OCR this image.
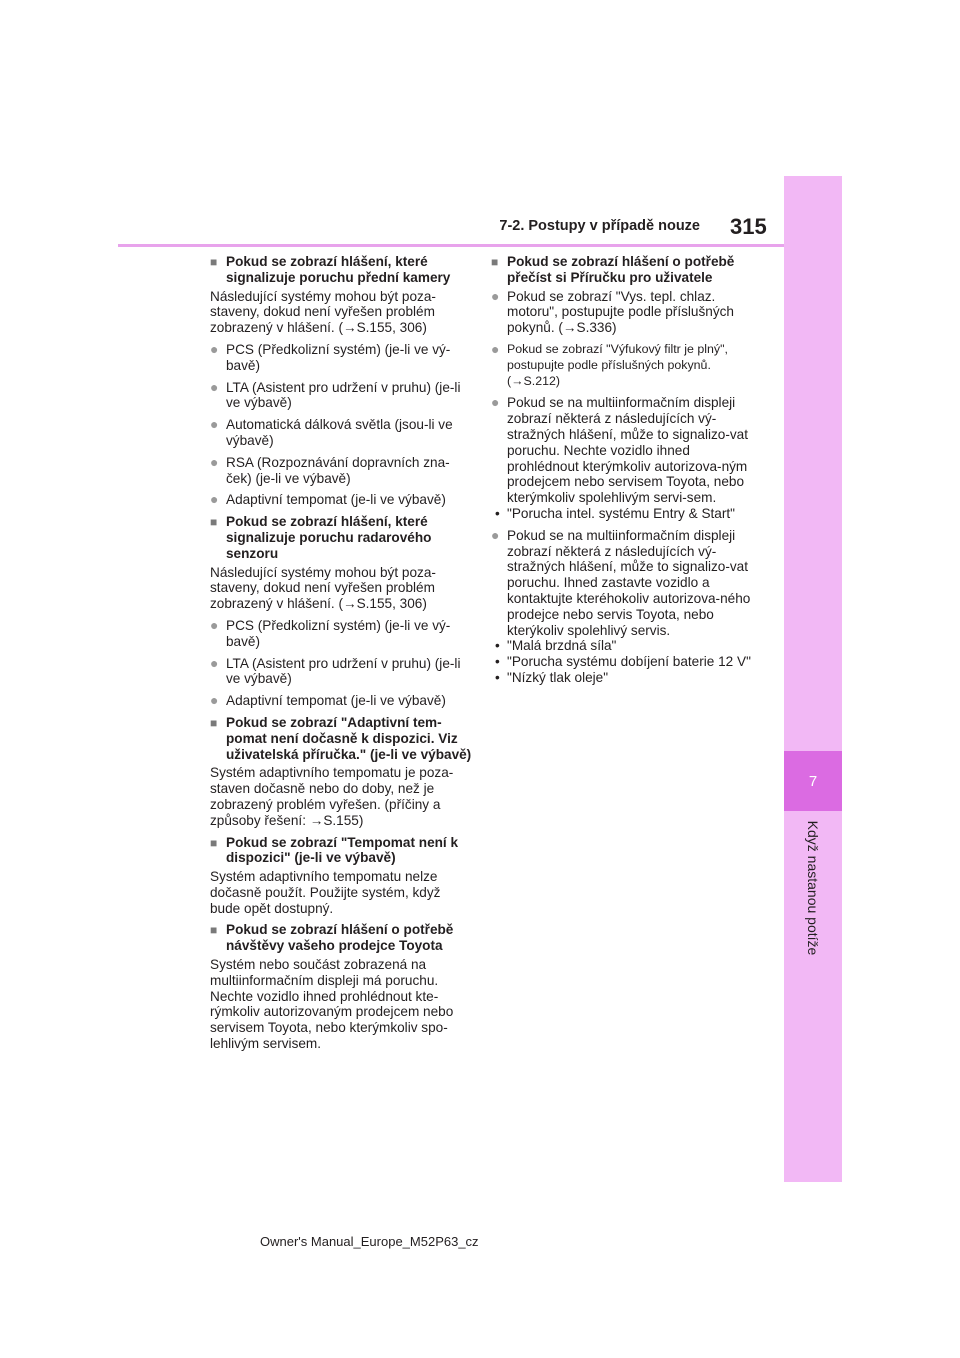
7
Když nastanou potíže
7-2. Postupy v případě nouze 315
■ Pokud se zobrazí hlášení, které signalizuje poruchu přední kamery
Následující systémy mohou být poza-staveny, dokud není vyřešen problém zobrazený v hlášení. (→S.155, 306)
● PCS (Předkolizní systém) (je-li ve vý-bavě)
● LTA (Asistent pro udržení v pruhu) (je-li ve výbavě)
● Automatická dálková světla (jsou-li ve výbavě)
● RSA (Rozpoznávání dopravních zna-ček) (je-li ve výbavě)
● Adaptivní tempomat (je-li ve výbavě)
■ Pokud se zobrazí hlášení, které signalizuje poruchu radarového senzoru
Následující systémy mohou být poza-staveny, dokud není vyřešen problém zobrazený v hlášení. (→S.155, 306)
● PCS (Předkolizní systém) (je-li ve vý-bavě)
● LTA (Asistent pro udržení v pruhu) (je-li ve výbavě)
● Adaptivní tempomat (je-li ve výbavě)
■ Pokud se zobrazí "Adaptivní tem-pomat není dočasně k dispozici. Viz uživatelská příručka." (je-li ve výbavě)
Systém adaptivního tempomatu je poza-staven dočasně nebo do doby, než je zobrazený problém vyřešen. (příčiny a způsoby řešení: →S.155)
■ Pokud se zobrazí "Tempomat není k dispozici" (je-li ve výbavě)
Systém adaptivního tempomatu nelze dočasně použít. Použijte systém, když bude opět dostupný.
■ Pokud se zobrazí hlášení o potřebě návštěvy vašeho prodejce Toyota
Systém nebo součást zobrazená na multiinformačním displeji má poruchu. Nechte vozidlo ihned prohlédnout kte-rýmkoliv autorizovaným prodejcem nebo servisem Toyota, nebo kterýmkoliv spo-lehlivým servisem.
■ Pokud se zobrazí hlášení o potřebě přečíst si Příručku pro uživatele
● Pokud se zobrazí "Vys. tepl. chlaz. motoru", postupujte podle příslušných pokynů. (→S.336)
● Pokud se zobrazí "Výfukový filtr je plný", postupujte podle příslušných pokynů. (→S.212)
● Pokud se na multiinformačním displeji zobrazí některá z následujících vý-stražných hlášení, může to signalizo-vat poruchu. Nechte vozidlo ihned prohlédnout kterýmkoliv autorizova-ným prodejcem nebo servisem Toyota, nebo kterýmkoliv spolehlivým servi-sem.
• "Porucha intel. systému Entry & Start"
● Pokud se na multiinformačním displeji zobrazí některá z následujících vý-stražných hlášení, může to signalizo-vat poruchu. Ihned zastavte vozidlo a kontaktujte kteréhokoliv autorizova-ného prodejce nebo servis Toyota, nebo kterýkoliv spolehlivý servis.
• "Malá brzdná síla"
• "Porucha systému dobíjení baterie 12 V"
• "Nízký tlak oleje"
Owner's Manual_Europe_M52P63_cz
